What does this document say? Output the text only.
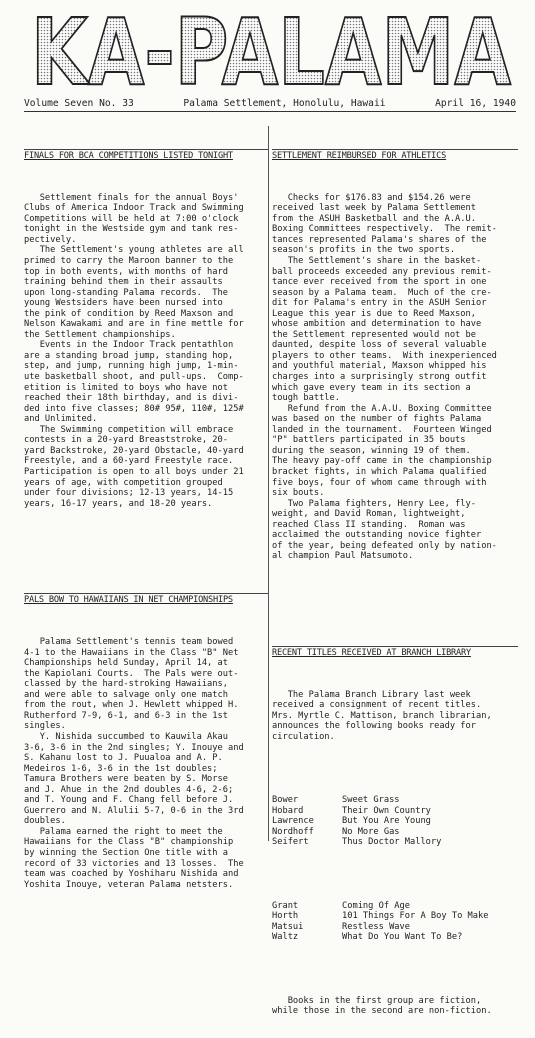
KA-PALAMA
Volume Seven No. 33	Palama Settlement, Honolulu, Hawaii	April 16, 1940

FINALS FOR BCA COMPETITIONS LISTED TONIGHT

Settlement finals for the annual Boys'
Clubs of America Indoor Track and Swimming
Competitions will be held at 7:00 o'clock
tonight in the Westside gym and tank res-
pectively.
The Settlement's young athletes are all
primed to carry the Maroon banner to the
top in both events, with months of hard
training behind them in their assaults
upon long-standing Palama records.  The
young Westsiders have been nursed into
the pink of condition by Reed Maxson and
Nelson Kawakami and are in fine mettle for
the Settlement championships.
Events in the Indoor Track pentathlon
are a standing broad jump, standing hop,
step, and jump, running high jump, 1-min-
ute basketball shoot, and pull-ups.  Comp-
etition is limited to boys who have not
reached their 18th birthday, and is divi-
ded into five classes; 80# 95#, 110#, 125#
and Unlimited.
The Swimming competition will embrace
contests in a 20-yard Breaststroke, 20-
yard Backstroke, 20-yard Obstacle, 40-yard
Freestyle, and a 60-yard Freestyle race.
Participation is open to all boys under 21
years of age, with competition grouped
under four divisions; 12-13 years, 14-15
years, 16-17 years, and 18-20 years.

PALS BOW TO HAWAIIANS IN NET CHAMPIONSHIPS

Palama Settlement's tennis team bowed
4-1 to the Hawaiians in the Class "B" Net
Championships held Sunday, April 14, at
the Kapiolani Courts.  The Pals were out-
classed by the hard-stroking Hawaiians,
and were able to salvage only one match
from the rout, when J. Hewlett whipped H.
Rutherford 7-9, 6-1, and 6-3 in the 1st
singles.
Y. Nishida succumbed to Kauwila Akau
3-6, 3-6 in the 2nd singles; Y. Inouye and
S. Kahanu lost to J. Puualoa and A. P.
Medeiros 1-6, 3-6 in the 1st doubles;
Tamura Brothers were beaten by S. Morse
and J. Ahue in the 2nd doubles 4-6, 2-6;
and T. Young and F. Chang fell before J.
Guerrero and N. Alulii 5-7, 0-6 in the 3rd
doubles.
Palama earned the right to meet the
Hawaiians for the Class "B" championship
by winning the Section One title with a
record of 33 victories and 13 losses.  The
team was coached by Yoshiharu Nishida and
Yoshita Inouye, veteran Palama netsters.

SETTLEMENT REIMBURSED FOR ATHLETICS

Checks for $176.83 and $154.26 were
received last week by Palama Settlement
from the ASUH Basketball and the A.A.U.
Boxing Committees respectively.  The remit-
tances represented Palama's shares of the
season's profits in the two sports.
The Settlement's share in the basket-
ball proceeds exceeded any previous remit-
tance ever received from the sport in one
season by a Palama team.  Much of the cre-
dit for Palama's entry in the ASUH Senior
League this year is due to Reed Maxson,
whose ambition and determination to have
the Settlement represented would not be
daunted, despite loss of several valuable
players to other teams.  With inexperienced
and youthful material, Maxson whipped his
charges into a surprisingly strong outfit
which gave every team in its section a
tough battle.
Refund from the A.A.U. Boxing Committee
was based on the number of fights Palama
landed in the tournament.  Fourteen Winged
"P" battlers participated in 35 bouts
during the season, winning 19 of them.
The heavy pay-off came in the championship
bracket fights, in which Palama qualified
five boys, four of whom came through with
six bouts.
Two Palama fighters, Henry Lee, fly-
weight, and David Roman, lightweight,
reached Class II standing.  Roman was
acclaimed the outstanding novice fighter
of the year, being defeated only by nation-
al champion Paul Matsumoto.

RECENT TITLES RECEIVED AT BRANCH LIBRARY

The Palama Branch Library last week
received a consignment of recent titles.
Mrs. Myrtle C. Mattison, branch librarian,
announces the following books ready for
circulation.

Bower	Sweet Grass
Hobard	Their Own Country
Lawrence	But You Are Young
Nordhoff	No More Gas
Seifert	Thus Doctor Mallory

Grant	Coming Of Age
Horth	101 Things For A Boy To Make
Matsui	Restless Wave
Waltz	What Do You Want To Be?

Books in the first group are fiction,
while those in the second are non-fiction.
